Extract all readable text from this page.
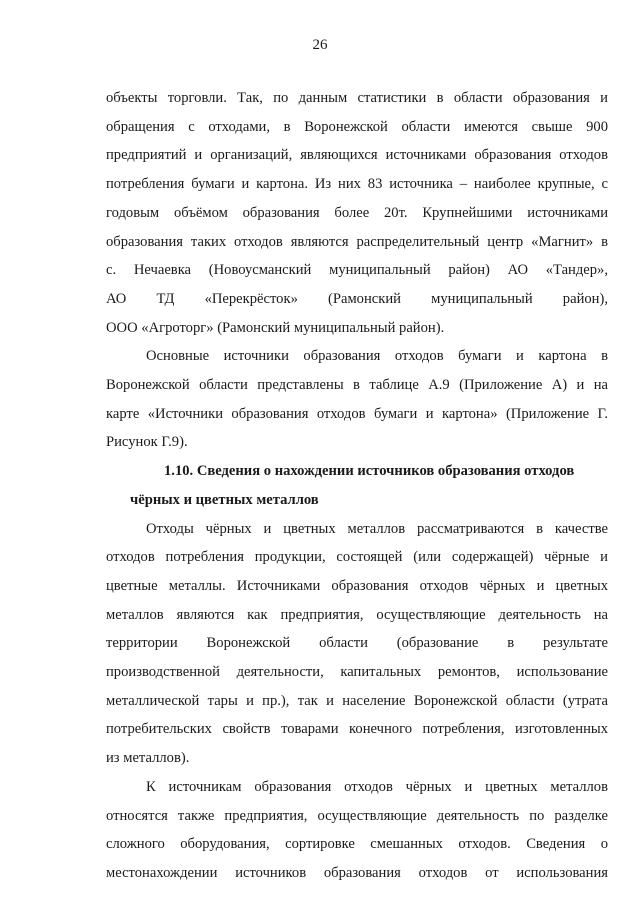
26
объекты торговли. Так, по данным статистики в области образования и
обращения с отходами, в Воронежской области имеются свыше 900
предприятий и организаций, являющихся источниками образования отходов
потребления бумаги и картона. Из них 83 источника – наиболее крупные, с
годовым объёмом образования более 20т. Крупнейшими источниками
образования таких отходов являются распределительный центр «Магнит» в
с. Нечаевка (Новоусманский муниципальный район) АО «Тандер»,
АО ТД «Перекрёсток» (Рамонский муниципальный район),
ООО «Агроторг» (Рамонский муниципальный район).
Основные источники образования отходов бумаги и картона в
Воронежской области представлены в таблице А.9 (Приложение А) и на
карте «Источники образования отходов бумаги и картона» (Приложение Г.
Рисунок Г.9).
1.10. Сведения о нахождении источников образования отходов
чёрных и цветных металлов
Отходы чёрных и цветных металлов рассматриваются в качестве
отходов потребления продукции, состоящей (или содержащей) чёрные и
цветные металлы. Источниками образования отходов чёрных и цветных
металлов являются как предприятия, осуществляющие деятельность на
территории Воронежской области (образование в результате
производственной деятельности, капитальных ремонтов, использование
металлической тары и пр.), так и население Воронежской области (утрата
потребительских свойств товарами конечного потребления, изготовленных
из металлов).
К источникам образования отходов чёрных и цветных металлов
относятся также предприятия, осуществляющие деятельность по разделке
сложного оборудования, сортировке смешанных отходов. Сведения о
местонахождении источников образования отходов от использования
